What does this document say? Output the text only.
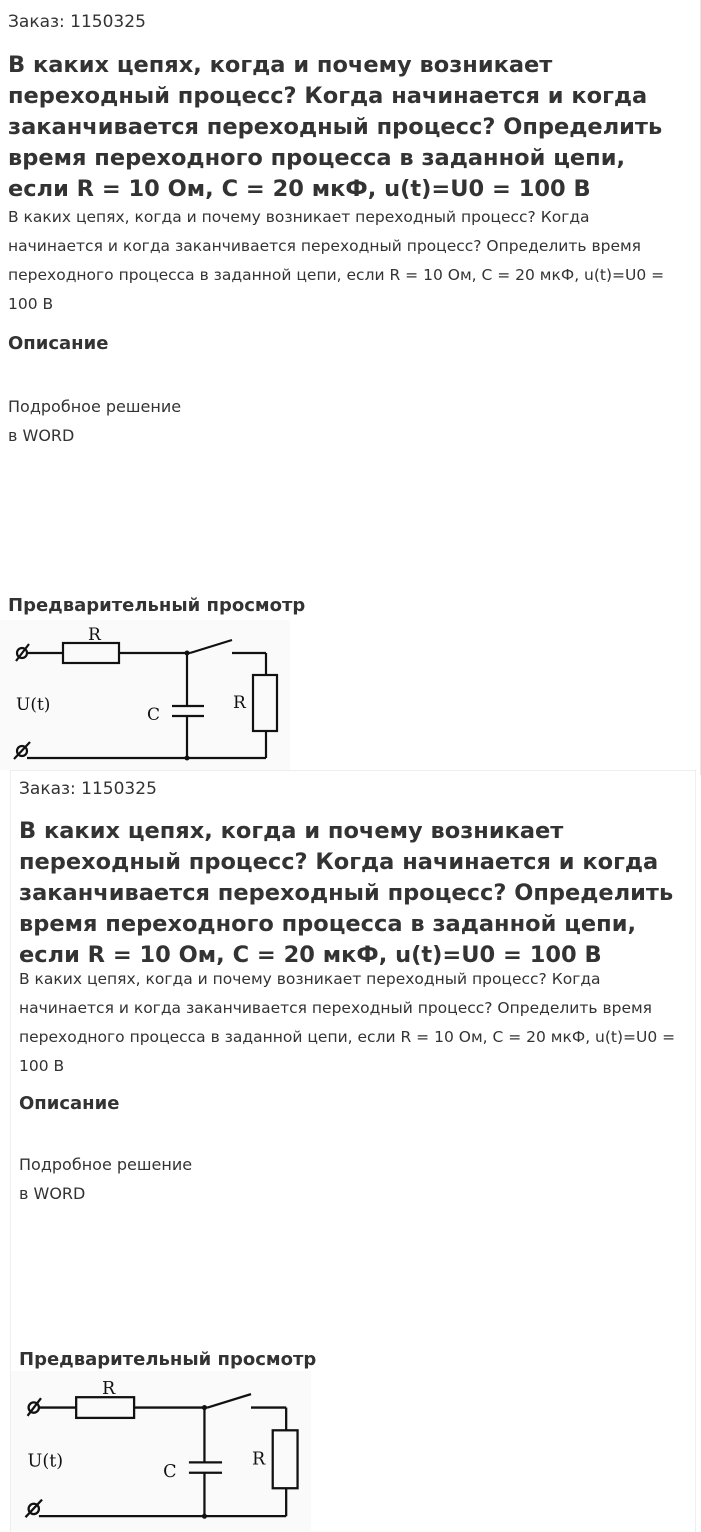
Заказ: 1150325
В каких цепях, когда и почему возникает переходный процесс? Когда начинается и когда заканчивается переходный процесс? Определить время переходного процесса в заданной цепи, если R = 10 Ом, C = 20 мкФ, u(t)=U0 = 100 В

В каких цепях, когда и почему возникает переходный процесс? Когда начинается и когда заканчивается переходный процесс? Определить время переходного процесса в заданной цепи, если R = 10 Ом, C = 20 мкФ, u(t)=U0 = 100 В

Описание
Подробное решение
в WORD
Предварительный просмотр
R
R
C
U(t)
Заказ: 1150325
В каких цепях, когда и почему возникает переходный процесс? Когда начинается и когда заканчивается переходный процесс? Определить время переходного процесса в заданной цепи, если R = 10 Ом, C = 20 мкФ, u(t)=U0 = 100 В

В каких цепях, когда и почему возникает переходный процесс? Когда начинается и когда заканчивается переходный процесс? Определить время переходного процесса в заданной цепи, если R = 10 Ом, C = 20 мкФ, u(t)=U0 = 100 В

Описание
Подробное решение
в WORD
Предварительный просмотр
R
R
C
U(t)
